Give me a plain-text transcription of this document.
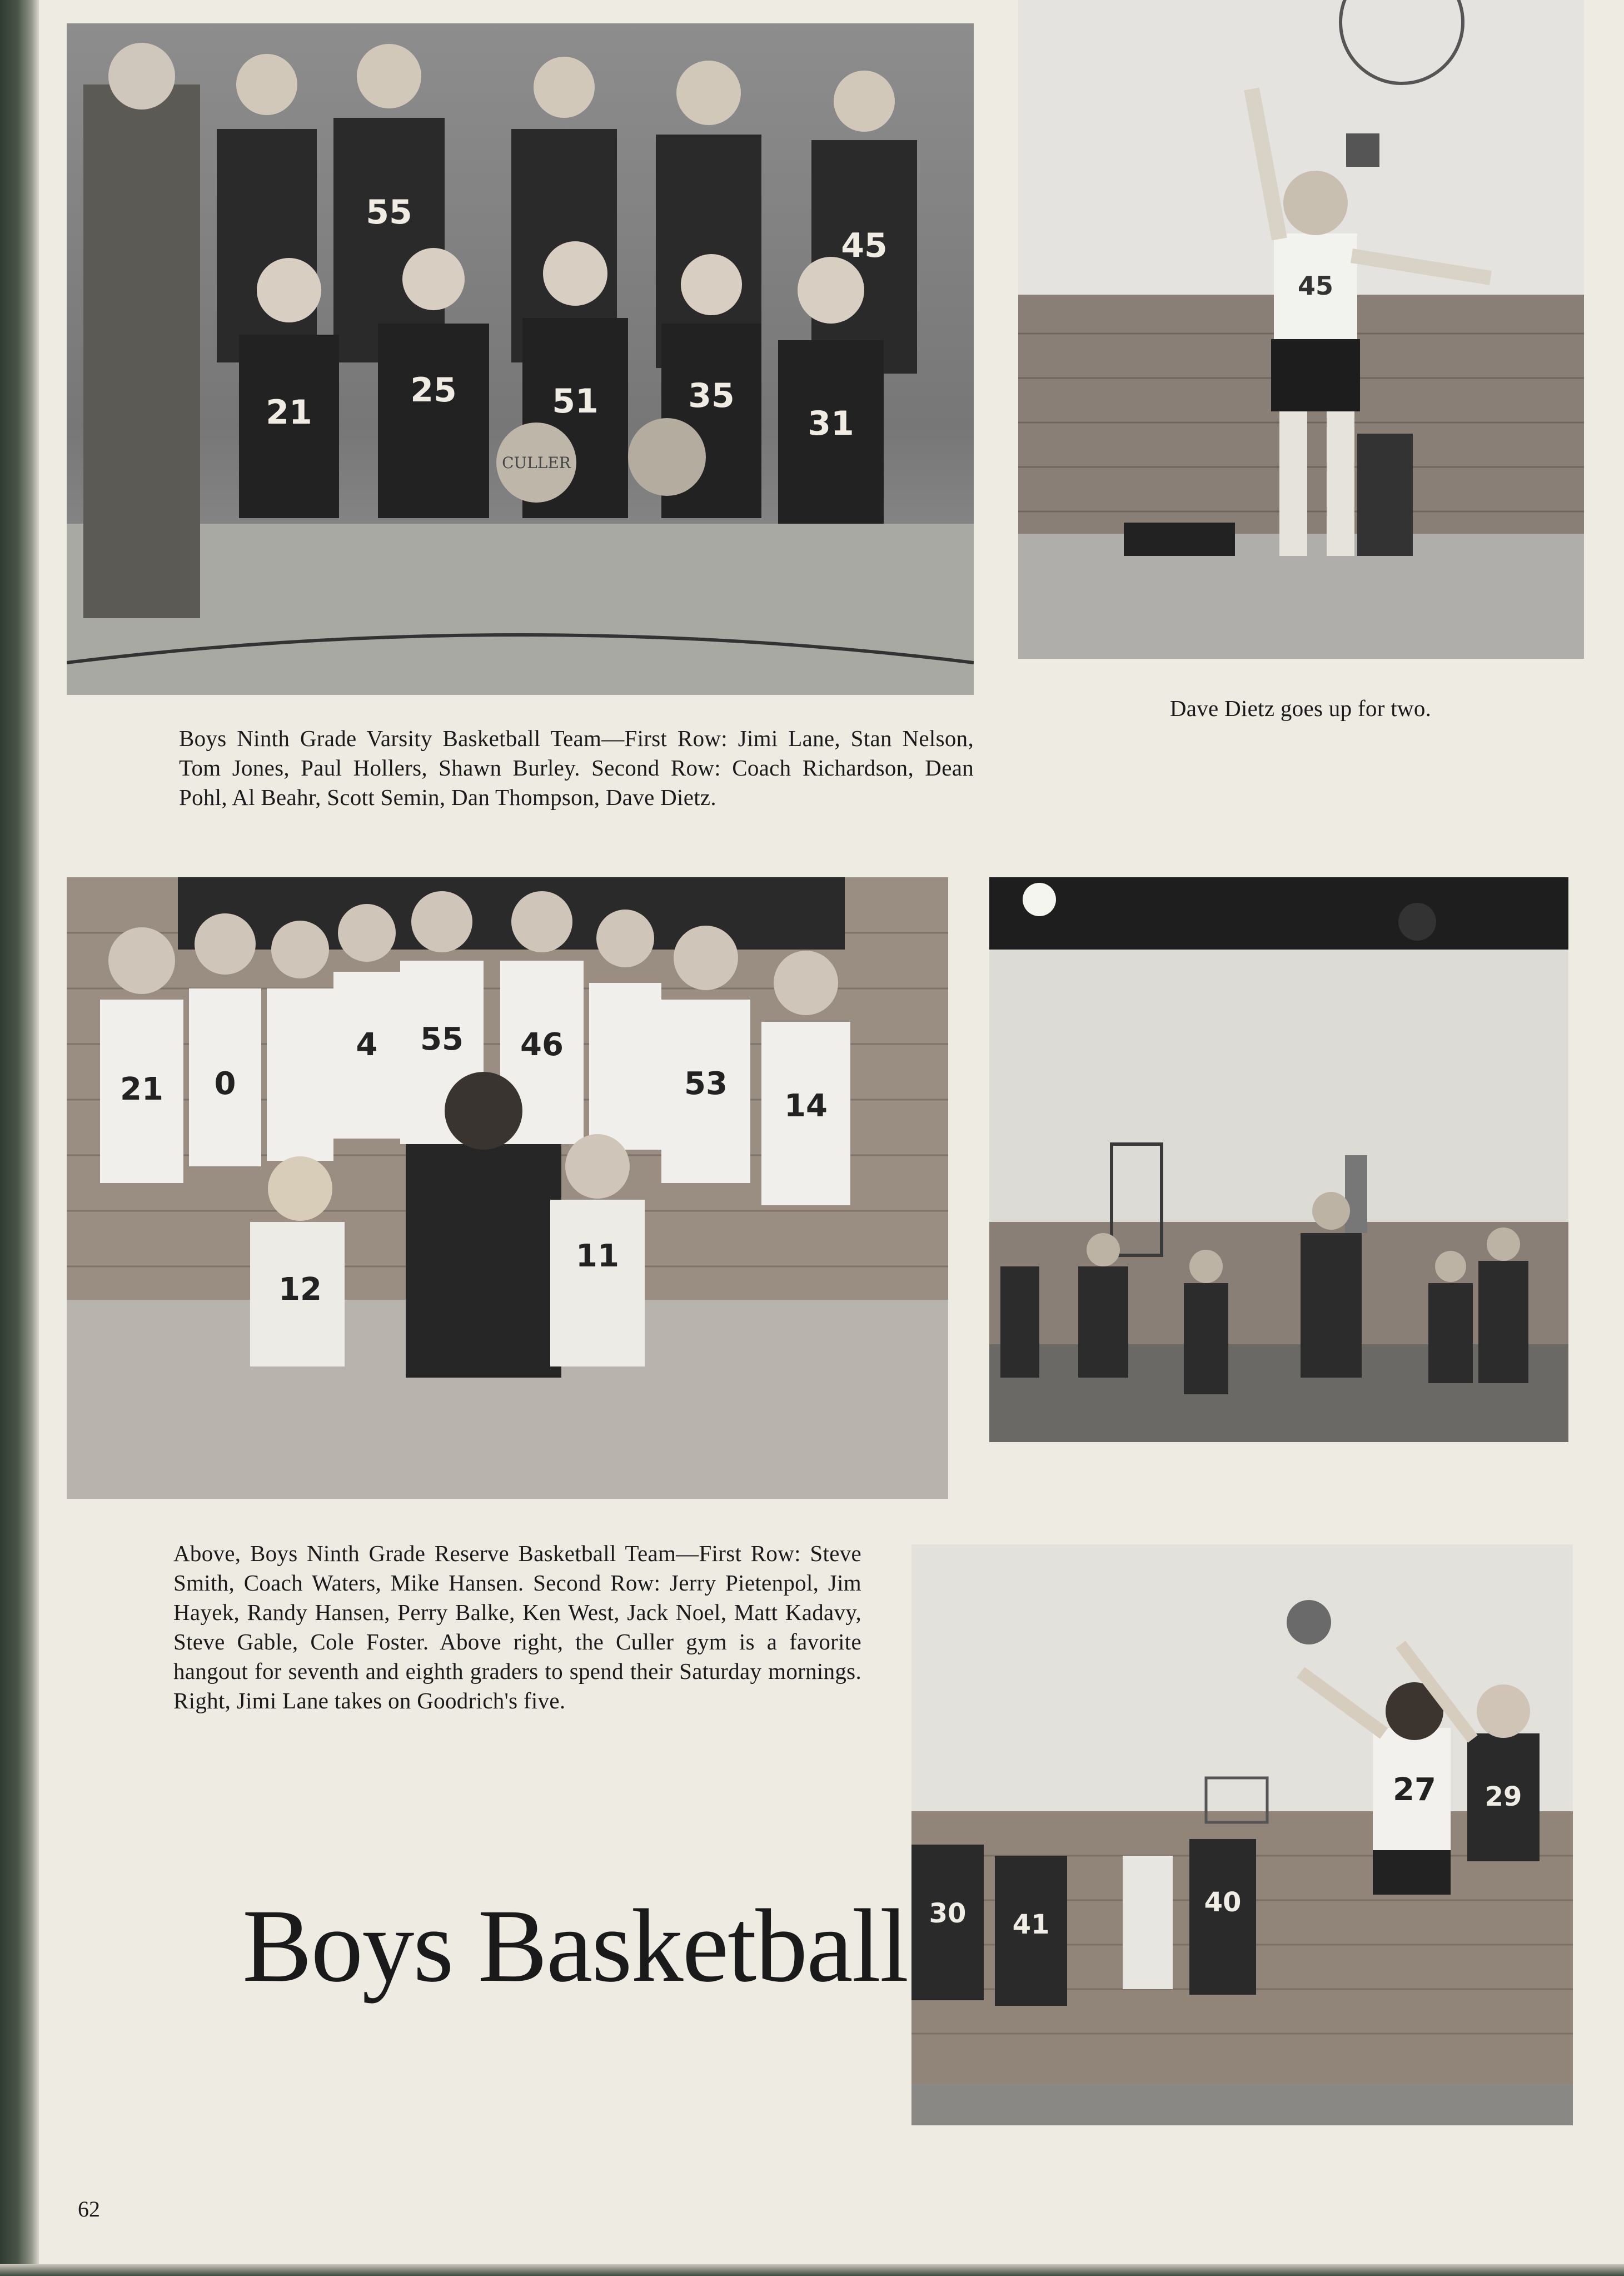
55
45
25	51	35
31
21
CULLER
45
Boys Ninth Grade Varsity Basketball Team—First Row: Jimi Lane, Stan Nelson, Tom Jones, Paul Hollers, Shawn Burley. Second Row: Coach Richardson, Dean Pohl, Al Beahr, Scott Semin, Dan Thompson, Dave Dietz.
Dave Dietz goes up for two.
21 0
4 55 46
53
14
12
11
Above, Boys Ninth Grade Reserve Basketball Team—First Row: Steve Smith, Coach Waters, Mike Hansen. Second Row: Jerry Pietenpol, Jim Hayek, Randy Hansen, Perry Balke, Ken West, Jack Noel, Matt Kadavy, Steve Gable, Cole Foster. Above right, the Culler gym is a favorite hangout for seventh and eighth graders to spend their Saturday mornings. Right, Jimi Lane takes on Goodrich's five.
30 41
40
29
27
Boys Basketball
62
